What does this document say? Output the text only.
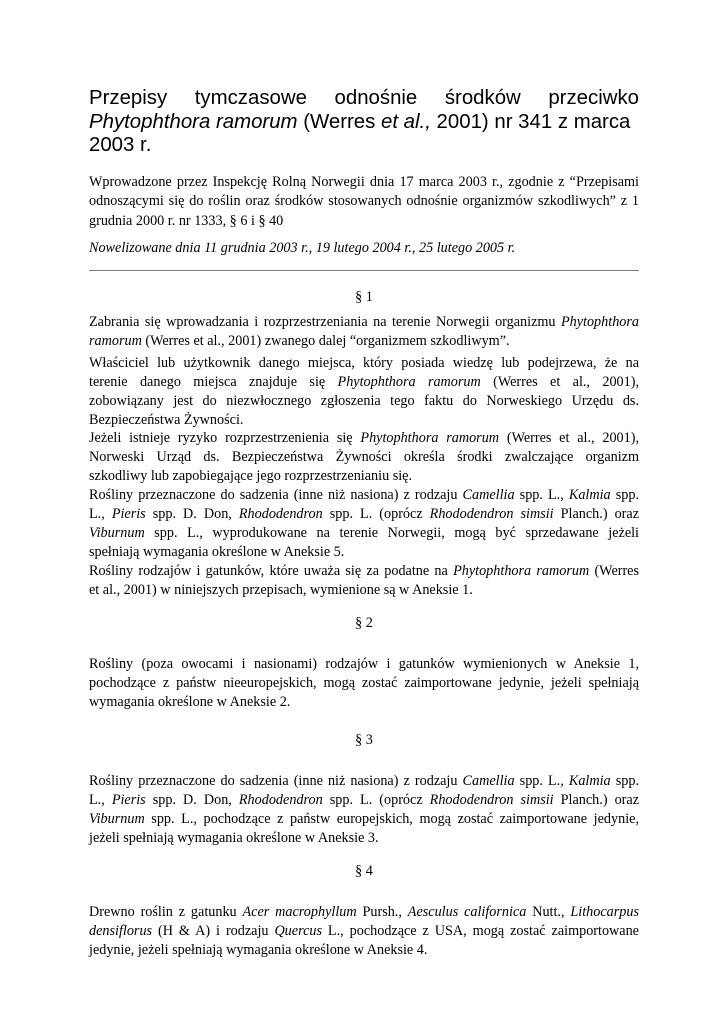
Przepisy tymczasowe odnośnie środków przeciwko
Phytophthora ramorum (Werres et al., 2001) nr 341 z marca
2003 r.
Wprowadzone przez Inspekcję Rolną Norwegii dnia 17 marca 2003 r., zgodnie z “Przepisami
odnoszącymi się do roślin oraz środków stosowanych odnośnie organizmów szkodliwych” z 1
grudnia 2000 r. nr 1333, § 6 i § 40
Nowelizowane dnia 11 grudnia 2003 r., 19 lutego 2004 r., 25 lutego 2005 r.
§ 1
Zabrania się wprowadzania i rozprzestrzeniania na terenie Norwegii organizmu Phytophthora
ramorum (Werres et al., 2001) zwanego dalej “organizmem szkodliwym”.
Właściciel lub użytkownik danego miejsca, który posiada wiedzę lub podejrzewa, że na
terenie danego miejsca znajduje się Phytophthora ramorum (Werres et al., 2001),
zobowiązany jest do niezwłocznego zgłoszenia tego faktu do Norweskiego Urzędu ds.
Bezpieczeństwa Żywności.
Jeżeli istnieje ryzyko rozprzestrzenienia się Phytophthora ramorum (Werres et al., 2001),
Norweski Urząd ds. Bezpieczeństwa Żywności określa środki zwalczające organizm
szkodliwy lub zapobiegające jego rozprzestrzenianiu się.
Rośliny przeznaczone do sadzenia (inne niż nasiona) z rodzaju Camellia spp. L., Kalmia spp.
L., Pieris spp. D. Don, Rhododendron spp. L. (oprócz Rhododendron simsii Planch.) oraz
Viburnum spp. L., wyprodukowane na terenie Norwegii, mogą być sprzedawane jeżeli
spełniają wymagania określone w Aneksie 5.
Rośliny rodzajów i gatunków, które uważa się za podatne na Phytophthora ramorum (Werres
et al., 2001) w niniejszych przepisach, wymienione są w Aneksie 1.
§ 2
Rośliny (poza owocami i nasionami) rodzajów i gatunków wymienionych w Aneksie 1,
pochodzące z państw nieeuropejskich, mogą zostać zaimportowane jedynie, jeżeli spełniają
wymagania określone w Aneksie 2.
§ 3
Rośliny przeznaczone do sadzenia (inne niż nasiona) z rodzaju Camellia spp. L., Kalmia spp.
L., Pieris spp. D. Don, Rhododendron spp. L. (oprócz Rhododendron simsii Planch.) oraz
Viburnum spp. L., pochodzące z państw europejskich, mogą zostać zaimportowane jedynie,
jeżeli spełniają wymagania określone w Aneksie 3.
§ 4
Drewno roślin z gatunku Acer macrophyllum Pursh., Aesculus californica Nutt., Lithocarpus
densiflorus (H & A) i rodzaju Quercus L., pochodzące z USA, mogą zostać zaimportowane
jedynie, jeżeli spełniają wymagania określone w Aneksie 4.
